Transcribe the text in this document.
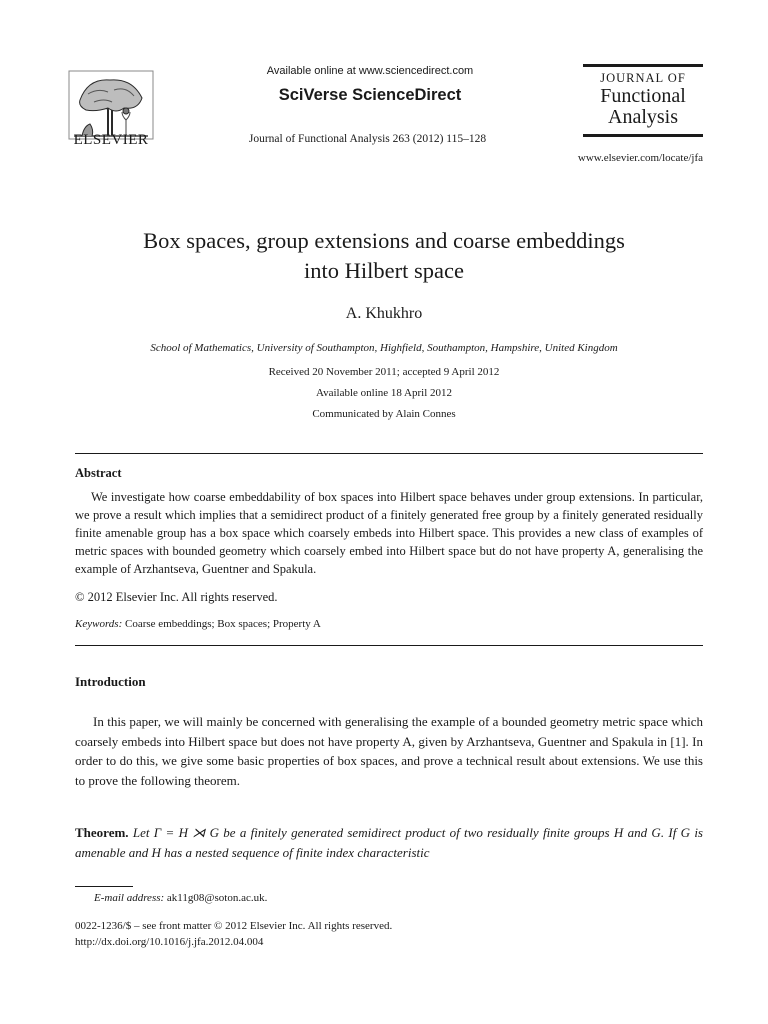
ELSEVIER
Available online at www.sciencedirect.com
SciVerse ScienceDirect
Journal of Functional Analysis 263 (2012) 115–128
JOURNAL OF
Functional
Analysis
www.elsevier.com/locate/jfa
Box spaces, group extensions and coarse embeddings
into Hilbert space
A. Khukhro
School of Mathematics, University of Southampton, Highfield, Southampton, Hampshire, United Kingdom
Received 20 November 2011; accepted 9 April 2012
Available online 18 April 2012
Communicated by Alain Connes
Abstract
We investigate how coarse embeddability of box spaces into Hilbert space behaves under group extensions. In particular, we prove a result which implies that a semidirect product of a finitely generated free group by a finitely generated residually finite amenable group has a box space which coarsely embeds into Hilbert space. This provides a new class of examples of metric spaces with bounded geometry which coarsely embed into Hilbert space but do not have property A, generalising the example of Arzhantseva, Guentner and Spakula.
© 2012 Elsevier Inc. All rights reserved.
Keywords: Coarse embeddings; Box spaces; Property A
Introduction
In this paper, we will mainly be concerned with generalising the example of a bounded geometry metric space which coarsely embeds into Hilbert space but does not have property A, given by Arzhantseva, Guentner and Spakula in [1]. In order to do this, we give some basic properties of box spaces, and prove a technical result about extensions. We use this to prove the following theorem.
Theorem. Let Γ = H ⋊ G be a finitely generated semidirect product of two residually finite groups H and G. If G is amenable and H has a nested sequence of finite index characteristic
E-mail address: ak11g08@soton.ac.uk.
0022-1236/$ – see front matter © 2012 Elsevier Inc. All rights reserved.
http://dx.doi.org/10.1016/j.jfa.2012.04.004
